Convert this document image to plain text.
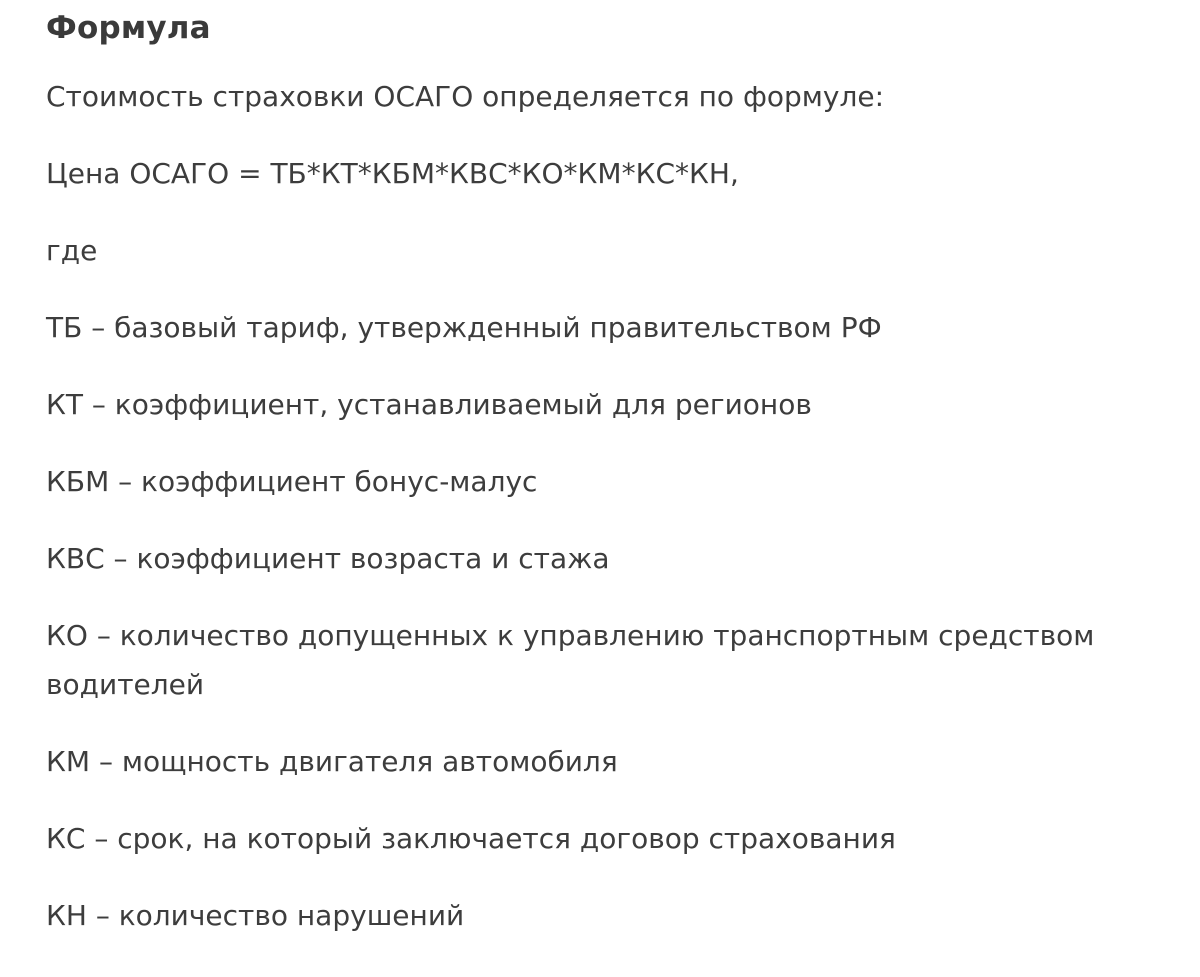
Формула

Стоимость страховки ОСАГО определяется по формуле:

Цена ОСАГО = ТБ*КТ*КБМ*КВС*КО*КМ*КС*КН,

где

ТБ – базовый тариф, утвержденный правительством РФ

КТ – коэффициент, устанавливаемый для регионов

КБМ – коэффициент бонус-малус

КВС – коэффициент возраста и стажа

КО – количество допущенных к управлению транспортным средством водителей

КМ – мощность двигателя автомобиля

КС – срок, на который заключается договор страхования

КН – количество нарушений
